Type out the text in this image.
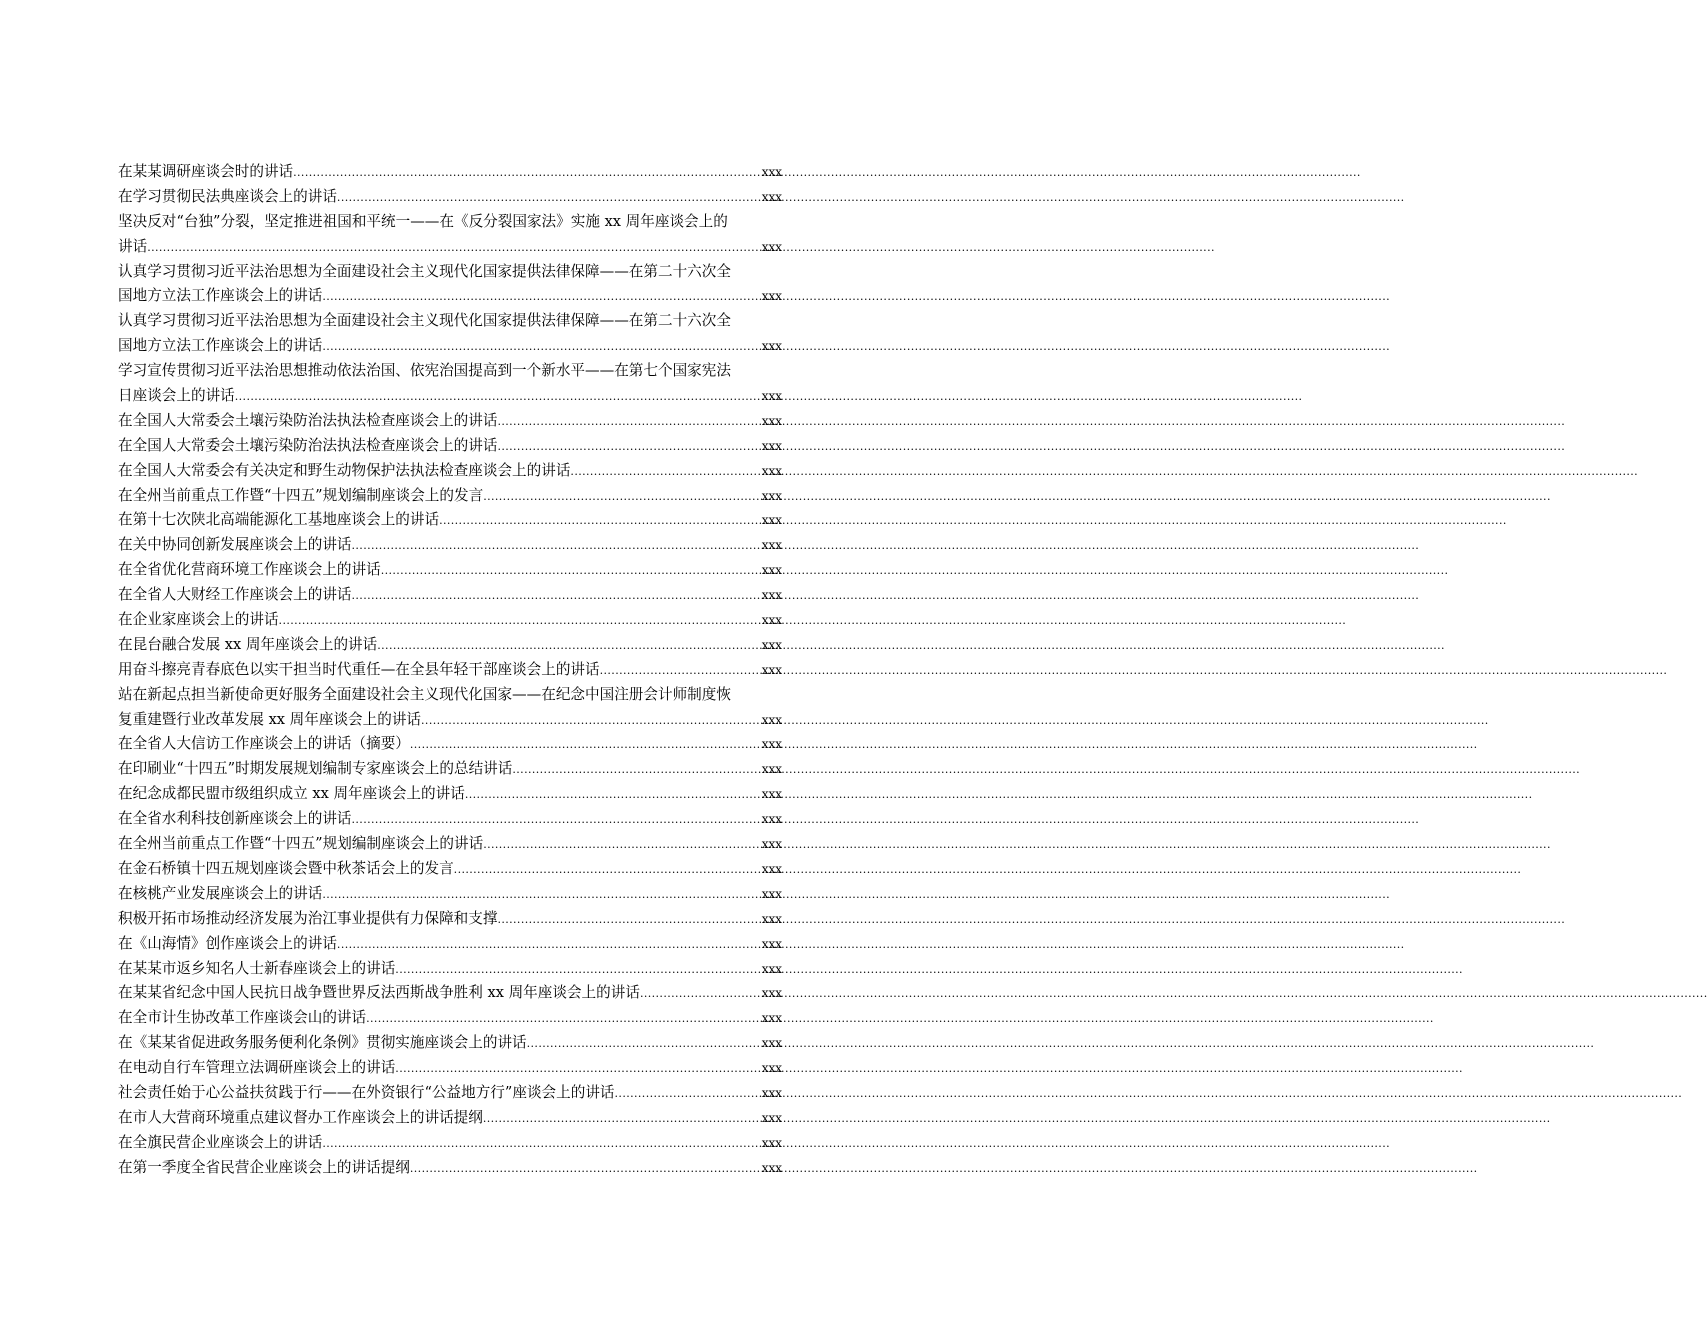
在某某调研座谈会时的讲话 .....	xxx
在学习贯彻民法典座谈会上的讲话 .....	xxx
坚决反对“台独”分裂，坚定推进祖国和平统一——在《反分裂国家法》实施 xx 周年座谈会上的
讲话 .....	xxx
认真学习贯彻习近平法治思想为全面建设社会主义现代化国家提供法律保障——在第二十六次全
国地方立法工作座谈会上的讲话 .....	xxx
认真学习贯彻习近平法治思想为全面建设社会主义现代化国家提供法律保障——在第二十六次全
国地方立法工作座谈会上的讲话 .....	xxx
学习宣传贯彻习近平法治思想推动依法治国、依宪治国提高到一个新水平——在第七个国家宪法
日座谈会上的讲话 .....	xxx
在全国人大常委会土壤污染防治法执法检查座谈会上的讲话 .....	xxx
在全国人大常委会土壤污染防治法执法检查座谈会上的讲话 .....	xxx
在全国人大常委会有关决定和野生动物保护法执法检查座谈会上的讲话 .....	xxx
在全州当前重点工作暨“十四五”规划编制座谈会上的发言 .....	xxx
在第十七次陕北高端能源化工基地座谈会上的讲话 .....	xxx
在关中协同创新发展座谈会上的讲话 .....	xxx
在全省优化营商环境工作座谈会上的讲话 .....	xxx
在全省人大财经工作座谈会上的讲话 .....	xxx
在企业家座谈会上的讲话 .....	xxx
在昆台融合发展 xx 周年座谈会上的讲话 .....	xxx
用奋斗擦亮青春底色以实干担当时代重任—在全县年轻干部座谈会上的讲话 .....	xxx
站在新起点担当新使命更好服务全面建设社会主义现代化国家——在纪念中国注册会计师制度恢
复重建暨行业改革发展 xx 周年座谈会上的讲话 .....	xxx
在全省人大信访工作座谈会上的讲话（摘要） .....	xxx
在印刷业“十四五”时期发展规划编制专家座谈会上的总结讲话 .....	xxx
在纪念成都民盟市级组织成立 xx 周年座谈会上的讲话 .....	xxx
在全省水利科技创新座谈会上的讲话 .....	xxx
在全州当前重点工作暨“十四五”规划编制座谈会上的讲话 .....	xxx
在金石桥镇十四五规划座谈会暨中秋茶话会上的发言 .....	xxx
在核桃产业发展座谈会上的讲话 .....	xxx
积极开拓市场推动经济发展为治江事业提供有力保障和支撑 .....	xxx
在《山海情》创作座谈会上的讲话 .....	xxx
在某某市返乡知名人士新春座谈会上的讲话 .....	xxx
在某某省纪念中国人民抗日战争暨世界反法西斯战争胜利 xx 周年座谈会上的讲话 .....	xxx
在全市计生协改革工作座谈会山的讲话 .....	xxx
在《某某省促进政务服务便利化条例》贯彻实施座谈会上的讲话 .....	xxx
在电动自行车管理立法调研座谈会上的讲话 .....	xxx
社会责任始于心公益扶贫践于行——在外资银行“公益地方行”座谈会上的讲话 .....	xxx
在市人大营商环境重点建议督办工作座谈会上的讲话提纲 .....	xxx
在全旗民营企业座谈会上的讲话 .....	xxx
在第一季度全省民营企业座谈会上的讲话提纲 .....	xxx
